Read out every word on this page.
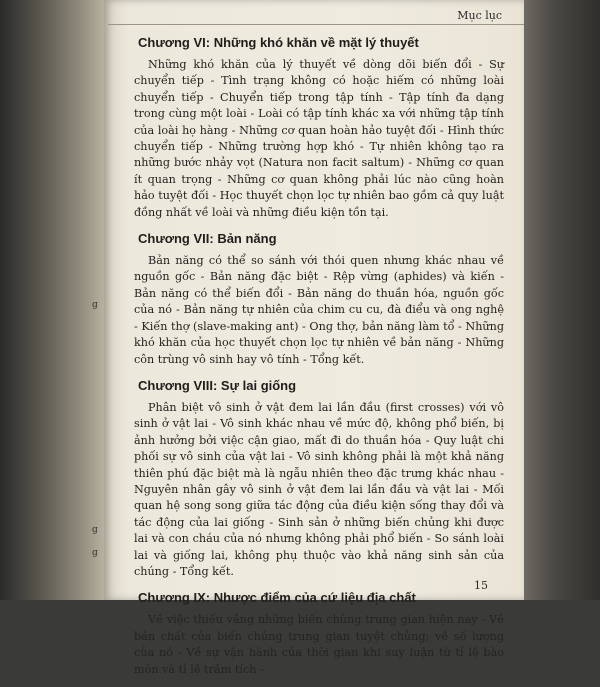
g
g
g
Mục lục
Chương VI: Những khó khăn về mặt lý thuyết

Những khó khăn của lý thuyết về dòng dõi biến đổi - Sự chuyển tiếp - Tình trạng không có hoặc hiếm có những loài chuyển tiếp - Chuyển tiếp trong tập tính - Tập tính đa dạng trong cùng một loài - Loài có tập tính khác xa với những tập tính của loài họ hàng - Những cơ quan hoàn hảo tuyệt đối - Hình thức chuyển tiếp - Những trường hợp khó - Tự nhiên không tạo ra những bước nhảy vọt (Natura non facit saltum) - Những cơ quan ít quan trọng - Những cơ quan không phải lúc nào cũng hoàn hảo tuyệt đối - Học thuyết chọn lọc tự nhiên bao gồm cả quy luật đồng nhất về loài và những điều kiện tồn tại.

Chương VII: Bản năng

Bản năng có thể so sánh với thói quen nhưng khác nhau về nguồn gốc - Bản năng đặc biệt - Rệp vừng (aphides) và kiến - Bản năng có thể biến đổi - Bản năng do thuần hóa, nguồn gốc của nó - Bản năng tự nhiên của chim cu cu, đà điểu và ong nghệ - Kiến thợ (slave-making ant) - Ong thợ, bản năng làm tổ - Những khó khăn của học thuyết chọn lọc tự nhiên về bản năng - Những côn trùng vô sinh hay vô tính - Tổng kết.

Chương VIII: Sự lai giống

Phân biệt vô sinh ở vật đem lai lần đầu (first crosses) với vô sinh ở vật lai - Vô sinh khác nhau về mức độ, không phổ biến, bị ảnh hưởng bởi việc cận giao, mất đi do thuần hóa - Quy luật chi phối sự vô sinh của vật lai - Vô sinh không phải là một khả năng thiên phú đặc biệt mà là ngẫu nhiên theo đặc trưng khác nhau - Nguyên nhân gây vô sinh ở vật đem lai lần đầu và vật lai - Mối quan hệ song song giữa tác động của điều kiện sống thay đổi và tác động của lai giống - Sinh sản ở những biến chủng khi được lai và con cháu của nó nhưng không phải phổ biến - So sánh loài lai và giống lai, không phụ thuộc vào khả năng sinh sản của chúng - Tổng kết.

Chương IX: Nhược điểm của cứ liệu địa chất

Về việc thiếu vắng những biến chủng trung gian hiện nay - Về bản chất của biến chủng trung gian tuyệt chủng; về số lượng của nó - Về sự vận hành của thời gian khi suy luận từ tỉ lệ bào mòn và tỉ lệ trầm tích -

15
